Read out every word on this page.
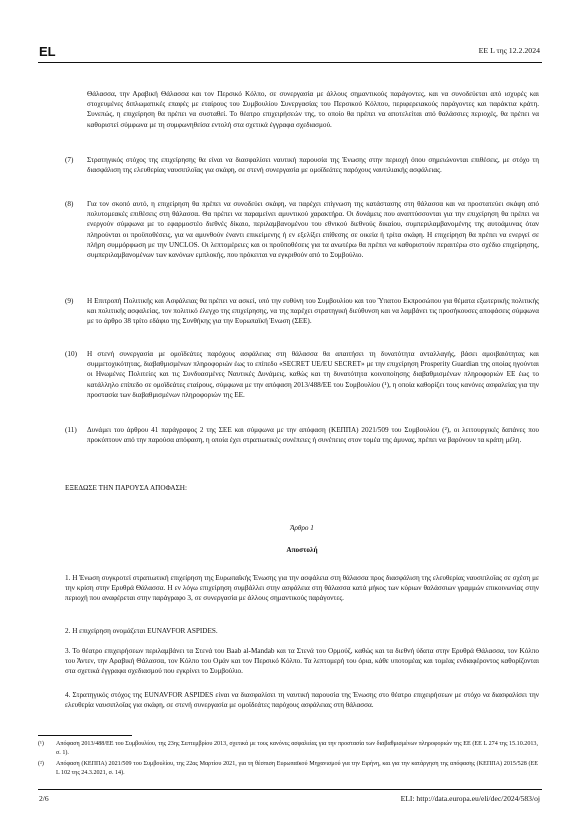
EL	ΕΕ L της 12.2.2024

Θάλασσα, την Αραβική Θάλασσα και τον Περσικό Κόλπο, σε συνεργασία με άλλους σημαντικούς παράγοντες, και να συνοδεύεται από ισχυρές και στοχευμένες διπλωματικές επαφές με εταίρους του Συμβουλίου Συνεργασίας του Περσικού Κόλπου, περιφερειακούς παράγοντες και παράκτια κράτη. Συνεπώς, η επιχείρηση θα πρέπει να συσταθεί. Το θέατρο επιχειρήσεών της, το οποίο θα πρέπει να αποτελείται από θαλάσσιες περιοχές, θα πρέπει να καθοριστεί σύμφωνα με τη συμφωνηθείσα εντολή στα σχετικά έγγραφα σχεδιασμού.

(7) Στρατηγικός στόχος της επιχείρησης θα είναι να διασφαλίσει ναυτική παρουσία της Ένωσης στην περιοχή όπου σημειώνονται επιθέσεις, με στόχο τη διασφάλιση της ελευθερίας ναυσιπλοΐας για σκάφη, σε στενή συνεργασία με ομοϊδεάτες παρόχους ναυτιλιακής ασφάλειας.

(8) Για τον σκοπό αυτό, η επιχείρηση θα πρέπει να συνοδεύει σκάφη, να παρέχει επίγνωση της κατάστασης στη θάλασσα και να προστατεύει σκάφη από πολυτομεακές επιθέσεις στη θάλασσα. Θα πρέπει να παραμείνει αμυντικού χαρακτήρα. Οι δυνάμεις που αναπτύσσονται για την επιχείρηση θα πρέπει να ενεργούν σύμφωνα με το εφαρμοστέο διεθνές δίκαιο, περιλαμβανομένου του εθνικού διεθνούς δικαίου, συμπεριλαμβανομένης της αυτοάμυνας όταν πληρούνται οι προϋποθέσεις, για να αμυνθούν έναντι επικείμενης ή εν εξελίξει επίθεσης σε οικεία ή τρίτα σκάφη. Η επιχείρηση θα πρέπει να ενεργεί σε πλήρη συμμόρφωση με την UNCLOS. Οι λεπτομέρειες και οι προϋποθέσεις για τα ανωτέρω θα πρέπει να καθοριστούν περαιτέρω στο σχέδιο επιχείρησης, συμπεριλαμβανομένων των κανόνων εμπλοκής, που πρόκειται να εγκριθούν από το Συμβούλιο.

(9) Η Επιτροπή Πολιτικής και Ασφάλειας θα πρέπει να ασκεί, υπό την ευθύνη του Συμβουλίου και του Ύπατου Εκπροσώπου για θέματα εξωτερικής πολιτικής και πολιτικής ασφαλείας, τον πολιτικό έλεγχο της επιχείρησης, να της παρέχει στρατηγική διεύθυνση και να λαμβάνει τις προσήκουσες αποφάσεις σύμφωνα με το άρθρο 38 τρίτο εδάφιο της Συνθήκης για την Ευρωπαϊκή Ένωση (ΣΕΕ).

(10) Η στενή συνεργασία με ομοϊδεάτες παρόχους ασφάλειας στη θάλασσα θα απαιτήσει τη δυνατότητα ανταλλαγής, βάσει αμοιβαιότητας και συμμετοχικότητας, διαβαθμισμένων πληροφοριών έως το επίπεδο «SECRET UE/EU SECRET» με την επιχείρηση Prosperity Guardian της οποίας ηγούνται οι Ηνωμένες Πολιτείες και τις Συνδυασμένες Ναυτικές Δυνάμεις, καθώς και τη δυνατότητα κοινοποίησης διαβαθμισμένων πληροφοριών ΕΕ έως το κατάλληλο επίπεδο σε ομοϊδεάτες εταίρους, σύμφωνα με την απόφαση 2013/488/ΕΕ του Συμβουλίου (¹), η οποία καθορίζει τους κανόνες ασφαλείας για την προστασία των διαβαθμισμένων πληροφοριών της ΕΕ.

(11) Δυνάμει του άρθρου 41 παράγραφος 2 της ΣΕΕ και σύμφωνα με την απόφαση (ΚΕΠΠΑ) 2021/509 του Συμβουλίου (²), οι λειτουργικές δαπάνες που προκύπτουν από την παρούσα απόφαση, η οποία έχει στρατιωτικές συνέπειες ή συνέπειες στον τομέα της άμυνας, πρέπει να βαρύνουν τα κράτη μέλη.

ΕΞΕΔΩΣΕ ΤΗΝ ΠΑΡΟΥΣΑ ΑΠΟΦΑΣΗ:

Άρθρο 1
Αποστολή

1. Η Ένωση συγκροτεί στρατιωτική επιχείρηση της Ευρωπαϊκής Ένωσης για την ασφάλεια στη θάλασσα προς διασφάλιση της ελευθερίας ναυσιπλοΐας σε σχέση με την κρίση στην Ερυθρά Θάλασσα. Η εν λόγω επιχείρηση συμβάλλει στην ασφάλεια στη θάλασσα κατά μήκος των κύριων θαλάσσιων γραμμών επικοινωνίας στην περιοχή που αναφέρεται στην παράγραφο 3, σε συνεργασία με άλλους σημαντικούς παράγοντες.

2. Η επιχείρηση ονομάζεται EUNAVFOR ASPIDES.

3. Το θέατρο επιχειρήσεων περιλαμβάνει τα Στενά του Baab al-Mandab και τα Στενά του Ορμούζ, καθώς και τα διεθνή ύδατα στην Ερυθρά Θάλασσα, τον Κόλπο του Άντεν, την Αραβική Θάλασσα, τον Κόλπο του Ομάν και τον Περσικό Κόλπο. Τα λεπτομερή του όρια, κάθε υποτομέας και τομέας ενδιαφέροντος καθορίζονται στα σχετικά έγγραφα σχεδιασμού που εγκρίνει το Συμβούλιο.

4. Στρατηγικός στόχος της EUNAVFOR ASPIDES είναι να διασφαλίσει τη ναυτική παρουσία της Ένωσης στο θέατρο επιχειρήσεων με στόχο να διασφαλίσει την ελευθερία ναυσιπλοΐας για σκάφη, σε στενή συνεργασία με ομοϊδεάτες παρόχους ασφάλειας στη θάλασσα.

(¹) Απόφαση 2013/488/ΕΕ του Συμβουλίου, της 23ης Σεπτεμβρίου 2013, σχετικά με τους κανόνες ασφαλείας για την προστασία των διαβαθμισμένων πληροφοριών της ΕΕ (ΕΕ L 274 της 15.10.2013, σ. 1).

(²) Απόφαση (ΚΕΠΠΑ) 2021/509 του Συμβουλίου, της 22ας Μαρτίου 2021, για τη θέσπιση Ευρωπαϊκού Μηχανισμού για την Ειρήνη, και για την κατάργηση της απόφασης (ΚΕΠΠΑ) 2015/528 (ΕΕ L 102 της 24.3.2021, σ. 14).

2/6	ELI: http://data.europa.eu/eli/dec/2024/583/oj
